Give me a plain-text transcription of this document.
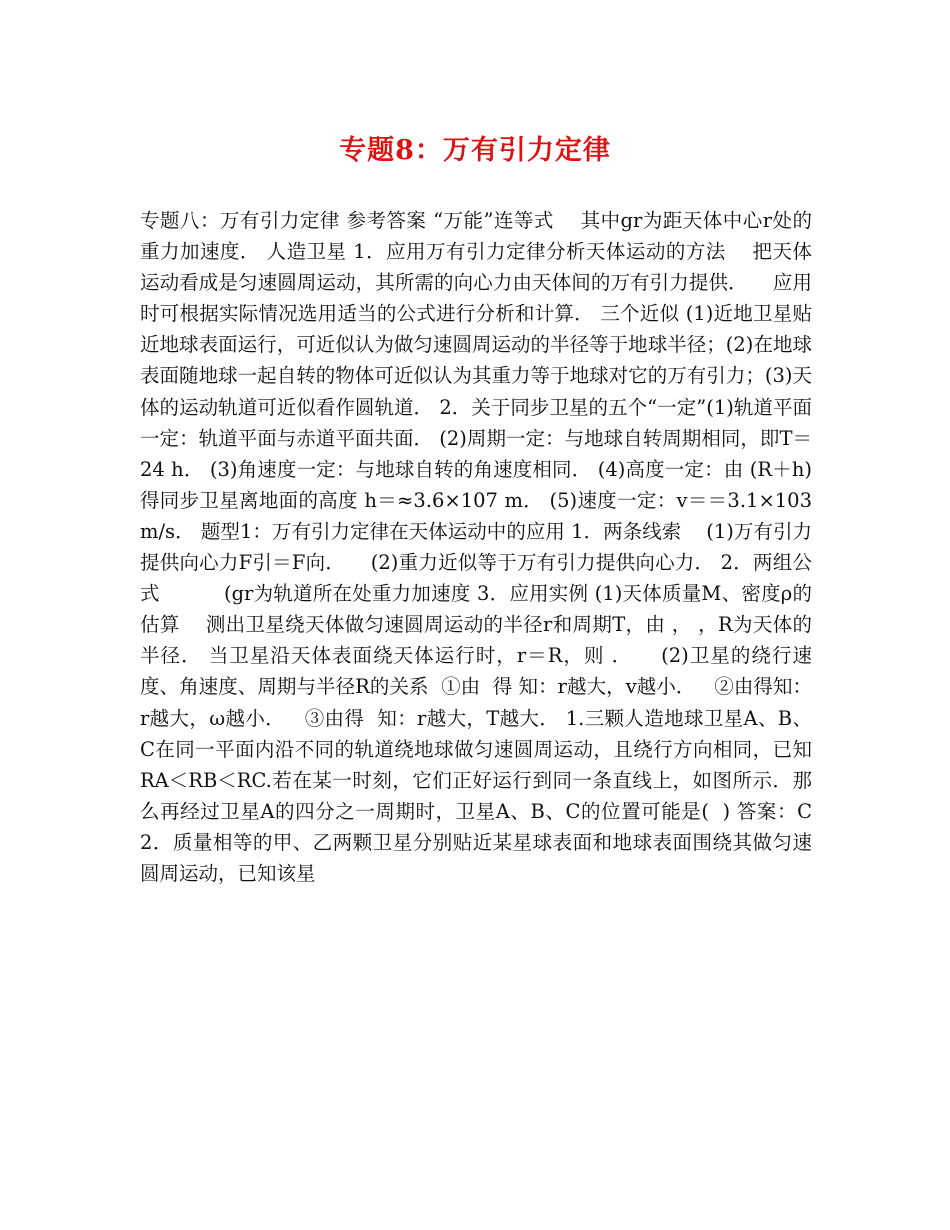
专题8：万有引力定律
专题八：万有引力定律 参考答案 “万能”连等式    其中gr为距天体中心r处的重力加速度． 人造卫星 1．应用万有引力定律分析天体运动的方法    把天体运动看成是匀速圆周运动，其所需的向心力由天体间的万有引力提供．    应用时可根据实际情况选用适当的公式进行分析和计算． 三个近似 (1)近地卫星贴近地球表面运行，可近似认为做匀速圆周运动的半径等于地球半径；(2)在地球表面随地球一起自转的物体可近似认为其重力等于地球对它的万有引力；(3)天体的运动轨道可近似看作圆轨道． 2．关于同步卫星的五个“一定”(1)轨道平面一定：轨道平面与赤道平面共面． (2)周期一定：与地球自转周期相同，即T＝24 h． (3)角速度一定：与地球自转的角速度相同． (4)高度一定：由 (R＋h)得同步卫星离地面的高度 h＝≈3.6×107 m． (5)速度一定：v＝＝3.1×103 m/s． 题型1：万有引力定律在天体运动中的应用 1．两条线索    (1)万有引力提供向心力F引＝F向．    (2)重力近似等于万有引力提供向心力． 2．两组公式          (gr为轨道所在处重力加速度 3．应用实例 (1)天体质量M、密度ρ的估算    测出卫星绕天体做匀速圆周运动的半径r和周期T，由 ， ，R为天体的半径． 当卫星沿天体表面绕天体运行时，r＝R，则 ．    (2)卫星的绕行速度、角速度、周期与半径R的关系  ①由  得 知：r越大，v越小．   ②由得知：r越大，ω越小．   ③由得  知：r越大，T越大． 1.三颗人造地球卫星A、B、C在同一平面内沿不同的轨道绕地球做匀速圆周运动，且绕行方向相同，已知RA＜RB＜RC.若在某一时刻，它们正好运行到同一条直线上，如图所示．那么再经过卫星A的四分之一周期时，卫星A、B、C的位置可能是(  ) 答案：C 2．质量相等的甲、乙两颗卫星分别贴近某星球表面和地球表面围绕其做匀速圆周运动，已知该星
